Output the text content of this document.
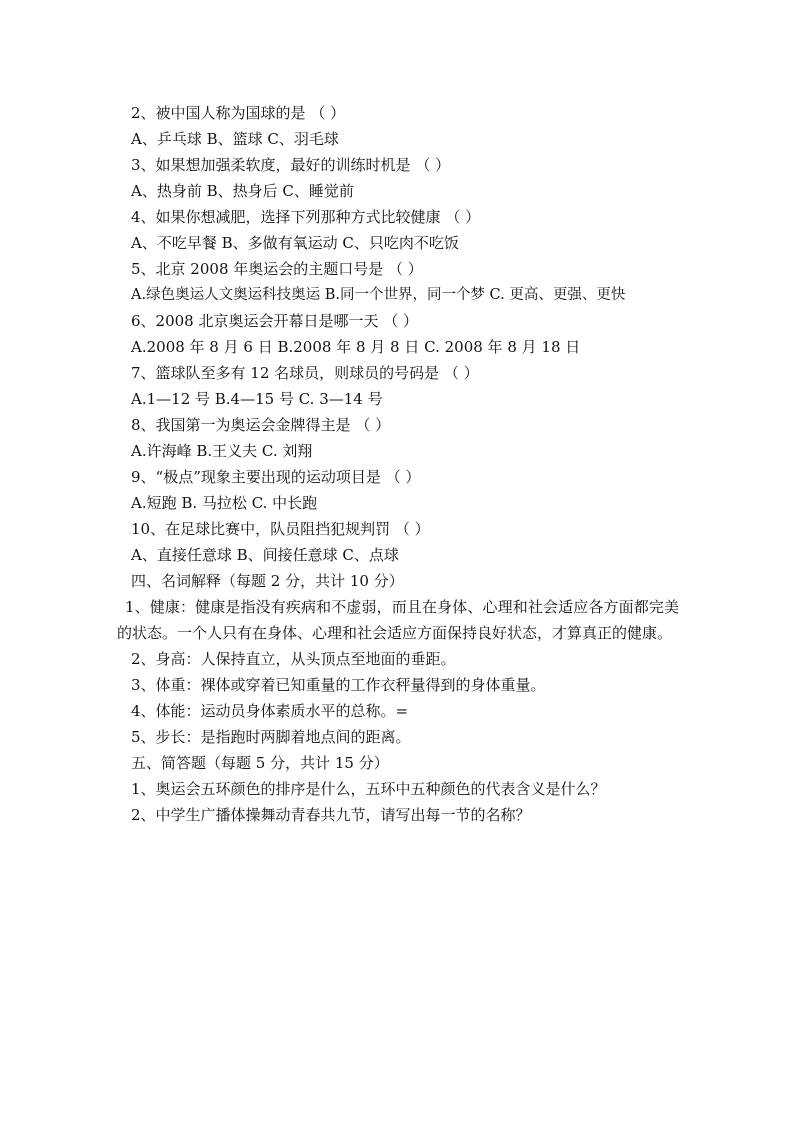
2、被中国人称为国球的是 （ ）
A、乒乓球 B、篮球 C、羽毛球
3、如果想加强柔软度，最好的训练时机是 （ ）
A、热身前 B、热身后 C、睡觉前
4、如果你想减肥，选择下列那种方式比较健康 （ ）
A、不吃早餐 B、多做有氧运动 C、只吃肉不吃饭
5、北京 2008 年奥运会的主题口号是 （ ）
A.绿色奥运人文奥运科技奥运 B.同一个世界，同一个梦 C. 更高、更强、更快
6、2008 北京奥运会开幕日是哪一天 （ ）
A.2008 年 8 月 6 日 B.2008 年 8 月 8 日 C. 2008 年 8 月 18 日
7、篮球队至多有 12 名球员，则球员的号码是 （ ）
A.1—12 号 B.4—15 号 C. 3—14 号
8、我国第一为奥运会金牌得主是 （ ）
A.许海峰 B.王义夫 C. 刘翔
9、“极点”现象主要出现的运动项目是 （ ）
A.短跑 B. 马拉松 C. 中长跑
10、在足球比赛中，队员阻挡犯规判罚 （ ）
A、直接任意球 B、间接任意球 C、点球
四、名词解释（每题 2 分，共计 10 分）

1、健康：健康是指没有疾病和不虚弱，而且在身体、心理和社会适应各方面都完美的状态。一个人只有在身体、心理和社会适应方面保持良好状态，才算真正的健康。

2、身高：人保持直立，从头顶点至地面的垂距。
3、体重：裸体或穿着已知重量的工作衣秤量得到的身体重量。
4、体能：运动员身体素质水平的总称。=
5、步长：是指跑时两脚着地点间的距离。
五、简答题（每题 5 分，共计 15 分）
1、奥运会五环颜色的排序是什么，五环中五种颜色的代表含义是什么？
2、中学生广播体操舞动青春共九节，请写出每一节的名称？
